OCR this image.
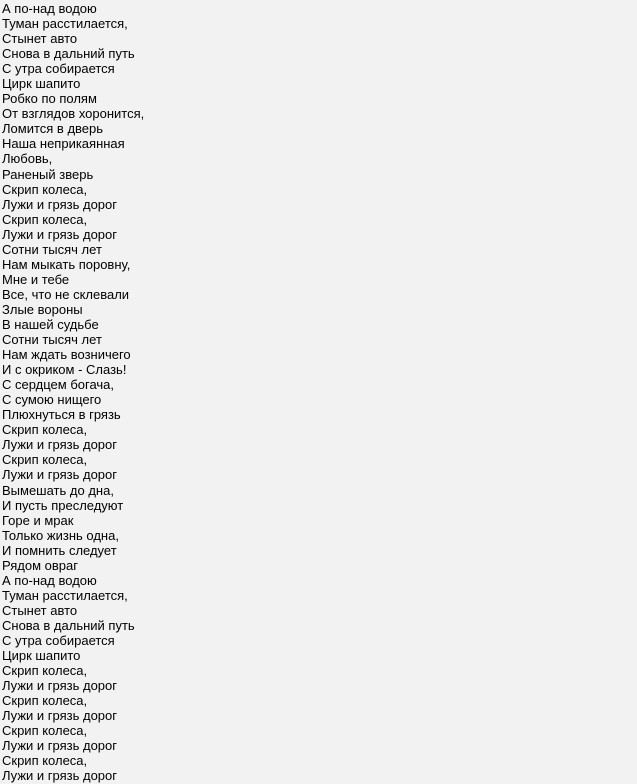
А по-над водою
Туман расстилается,
Стынет авто
Снова в дальний путь
С утра собирается
Цирк шапито
Робко по полям
От взглядов хоронится,
Ломится в дверь
Наша неприкаянная
Любовь,
Раненый зверь
Скрип колеса,
Лужи и грязь дорог
Скрип колеса,
Лужи и грязь дорог
Сотни тысяч лет
Нам мыкать поровну,
Мне и тебе
Все, что не склевали
Злые вороны
В нашей судьбе
Сотни тысяч лет
Нам ждать возничего
И с окриком - Слазь!
С сердцем богача,
С сумою нищего
Плюхнуться в грязь
Скрип колеса,
Лужи и грязь дорог
Скрип колеса,
Лужи и грязь дорог
Вымешать до дна,
И пусть преследуют
Горе и мрак
Только жизнь одна,
И помнить следует
Рядом овраг
А по-над водою
Туман расстилается,
Стынет авто
Снова в дальний путь
С утра собирается
Цирк шапито
Скрип колеса,
Лужи и грязь дорог
Скрип колеса,
Лужи и грязь дорог
Скрип колеса,
Лужи и грязь дорог
Скрип колеса,
Лужи и грязь дорог
